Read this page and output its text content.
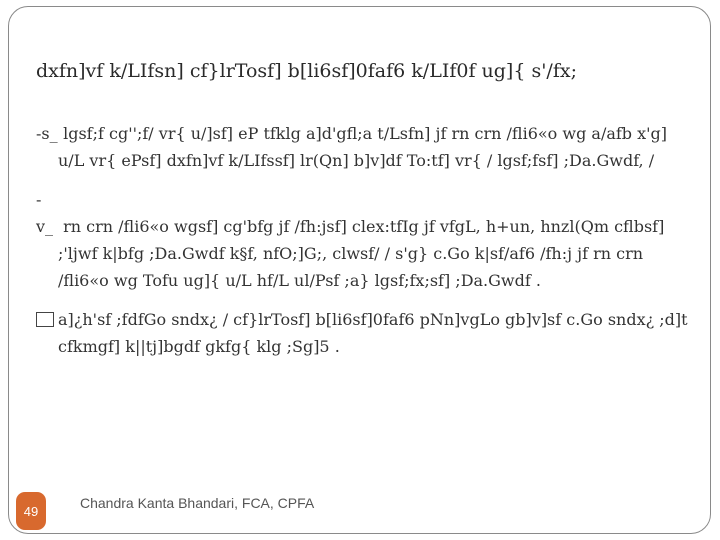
dxfn]vf k/LIfsn] cf}lrTosf] b[li6sf]0faf6 k/LIf0f ug]{ s'/fx;
-s_ lgsf;f cg'';f/ vr{ u/]sf] eP tfklg a]d'gfl;a t/Lsfn] jf rn crn /fli6«o wg a/afb x'g] u/L vr{ ePsf] dxfn]vf k/LIfssf] lr(Qn] b]v]df To:tf] vr{ / lgsf;fsf] ;Da.Gwdf, /
-v_ rn crn /fli6«o wgsf] cg'bfg jf /fh:jsf] clex:tfIg jf vfgL, h+un, hnzl(Qm cflbsf] ;'ljwf k|bfg ;Da.Gwdf k§f, nfO;]G;, clwsf/ / s'g} c.Go k|sf/af6 /fh:j jf rn crn /fli6«o wg Tofu ug]{ u/L hf/L ul/Psf ;a} lgsf;fx;sf] ;Da.Gwdf .
a]¿h'sf ;fdfGo sndx¿ / cf}lrTosf] b[li6sf]0faf6 pNn]vgLo gb]v]sf c.Go sndx¿ ;d]t cfkmgf] k||tj]bgdf gkfg{ klg ;Sg]5 .
49	Chandra Kanta Bhandari, FCA, CPFA
